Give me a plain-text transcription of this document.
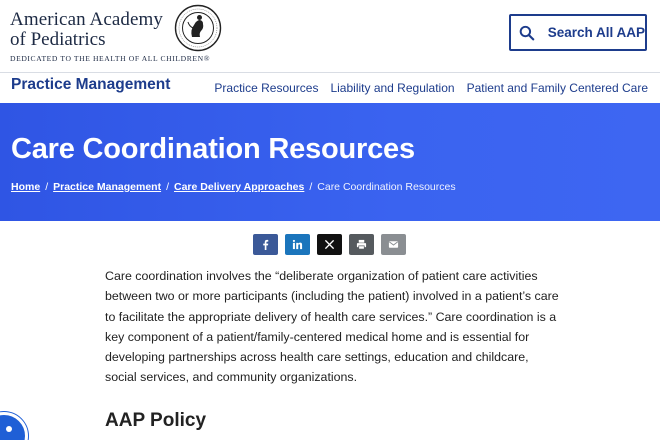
American Academy
of Pediatrics
DEDICATED TO THE HEALTH OF ALL CHILDREN®
Search All AAP
Practice Management	Practice Resources Liability and Regulation Patient and Family Centered Care
Care Coordination Resources
Home / Practice Management / Care Delivery Approaches / Care Coordination Resources

Care coordination involves the “deliberate organization of patient care activities between two or more participants (including the patient) involved in a patient’s care to facilitate the appropriate delivery of health care services.” Care coordination is a key component of a patient/family-centered medical home and is essential for developing partnerships across health care settings, education and childcare, social services, and community organizations.

AAP Policy
